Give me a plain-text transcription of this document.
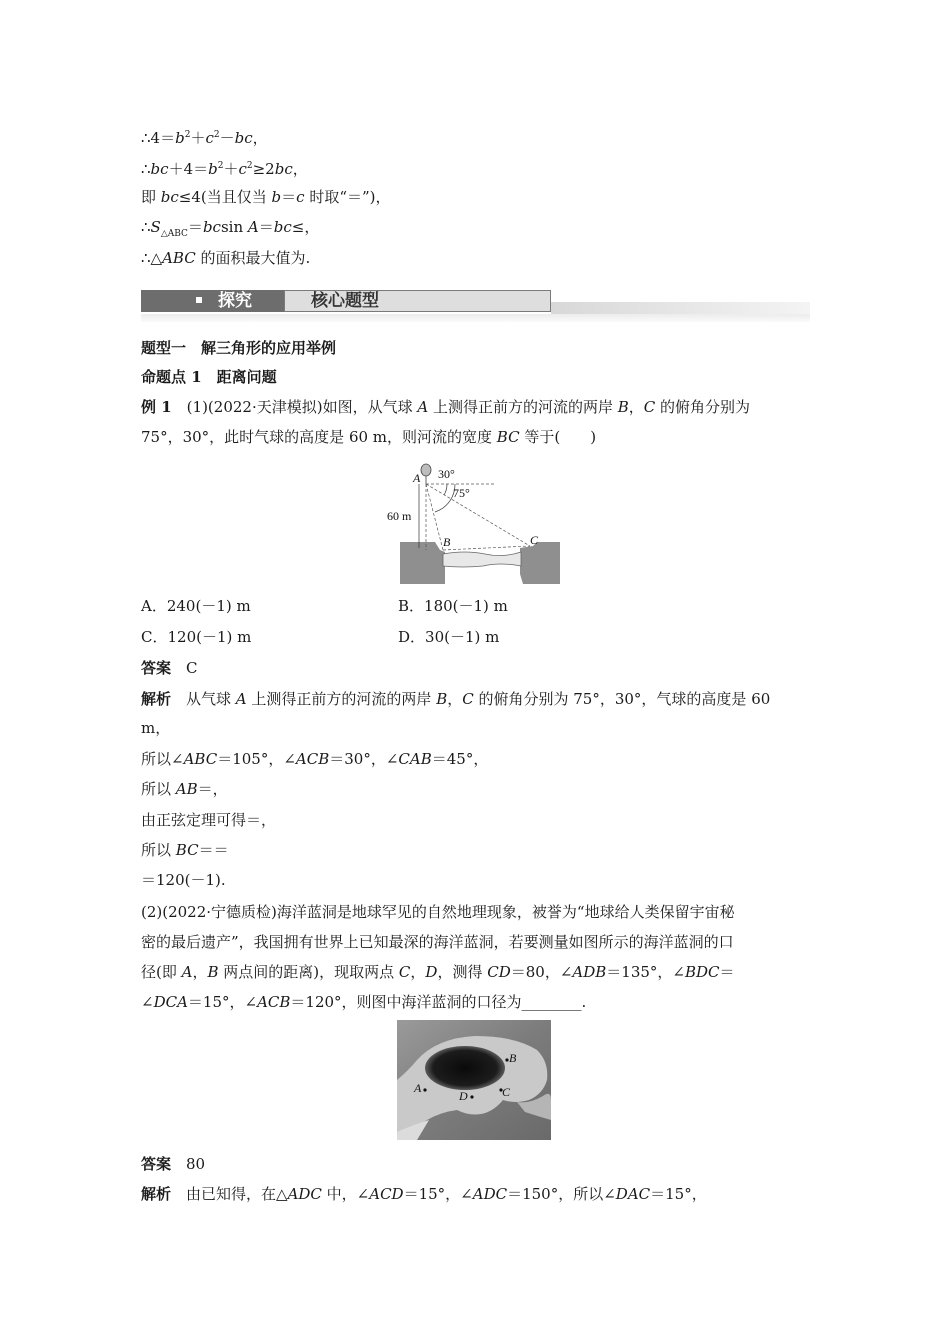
$\therefore 4=b^2+c^2-bc$，
$\therefore bc+4=b^2+c^2\ge 2bc$，
即 bc≤4(当且仅当 b＝c 时取“＝”)，
$\therefore S_{\triangle ABC}=bcsin$ A＝bc≤，
∴△ABC 的面积最大值为.
探究	核心题型
题型一　解三角形的应用举例
命题点 1　距离问题
例 1　(1)(2022·天津模拟)如图，从气球 A 上测得正前方的河流的两岸 B，C 的俯角分别为
75°，30°，此时气球的高度是 60 m，则河流的宽度 BC 等于(　　)
A 30°
75°
60 m
B	C
A．240(－1) m	B．180(－1) m
C．120(－1) m	D．30(－1) m
答案　C
解析　从气球 A 上测得正前方的河流的两岸 B，C 的俯角分别为 75°，30°，气球的高度是 60
m，
所以∠ABC＝105°，∠ACB＝30°，∠CAB＝45°，
所以 AB＝，
由正弦定理可得＝，
所以 BC＝＝
＝120(－1).
(2)(2022·宁德质检)海洋蓝洞是地球罕见的自然地理现象，被誉为“地球给人类保留宇宙秘
密的最后遗产”，我国拥有世界上已知最深的海洋蓝洞，若要测量如图所示的海洋蓝洞的口
径(即 A，B 两点间的距离)，现取两点 C，D，测得 CD＝80，∠ADB＝135°，∠BDC＝
∠DCA＝15°，∠ACB＝120°，则图中海洋蓝洞的口径为________.
B
A
D	C
答案　80
解析　由已知得，在△ADC 中，∠ACD＝15°，∠ADC＝150°，所以∠DAC＝15°，
